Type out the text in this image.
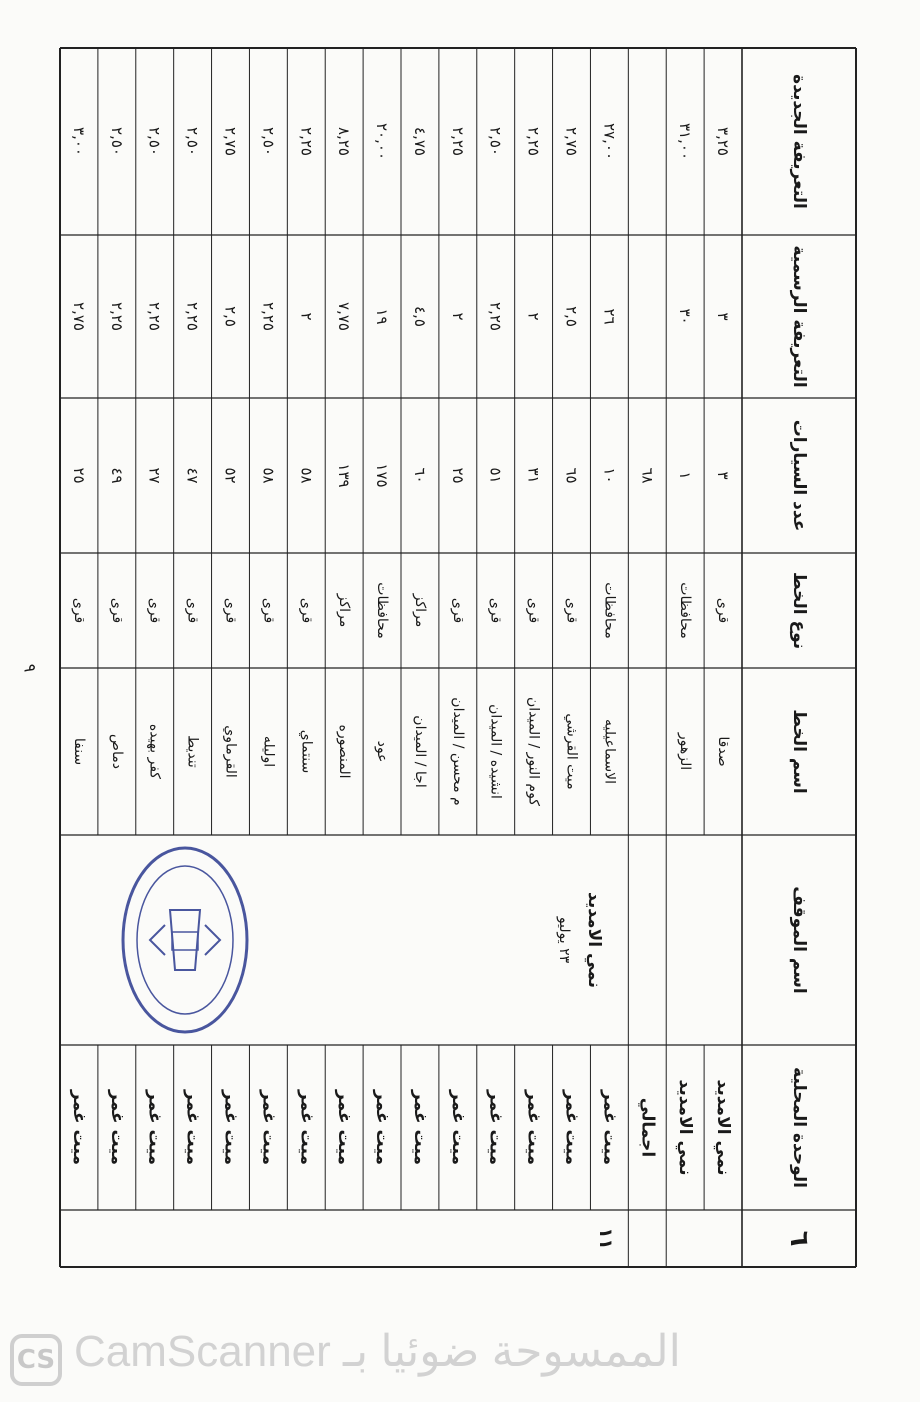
التعريفة الجديدة
التعريفة الرسمية
عدد السيارات
نوع الخط
اسم الخط
اسم الموقف
الوحدة المحلية
٦
٩
٣,٢٥
٣
٣
قرى
صدقا
نمي الامديد
٣١,٠٠
٣٠
١
محافظات
الزهور
نمي الامديد
٦٨
اجمالي
٢٧,٠٠
٢٦
١٠
محافظات
الاسماعيليه
ميت غمر
٢,٧٥
٢,٥
٦٥
قرى
ميت القرشي
ميت غمر
٢,٢٥
٢
٣١
قرى
كوم النور / الميدان
ميت غمر
٢,٥٠
٢,٢٥
٥١
قرى
انشيده / الميدان
ميت غمر
٢,٢٥
٢
٢٥
قرى
م محسن / الميدان
ميت غمر
٤,٧٥
٤,٥
٦٠
مراكز
اجا / الميدان
ميت غمر
٢٠,٠٠
١٩
١٧٥
محافظات
عود
ميت غمر
٨,٢٥
٧,٧٥
١٣٩
مراكز
المنصوره
ميت غمر
٢,٢٥
٢
٥٨
قرى
سنتماي
ميت غمر
٢,٥٠
٢,٢٥
٥٨
قرى
اوليله
ميت غمر
٢,٧٥
٢,٥
٥٢
قرى
القرماوي
ميت غمر
٢,٥٠
٢,٢٥
٤٧
قرى
تنديط
ميت غمر
٢,٥٠
٢,٢٥
٢٧
قرى
كفر بهيده
ميت غمر
٢,٥٠
٢,٢٥
٤٩
قرى
دماص
ميت غمر
٣,٠٠
٢,٧٥
٢٥
قرى
سنفا
ميت غمر
نمي الامديد
٢٣ يوليو
١١
CS الممسوحة ضوئيا بـ CamScanner
